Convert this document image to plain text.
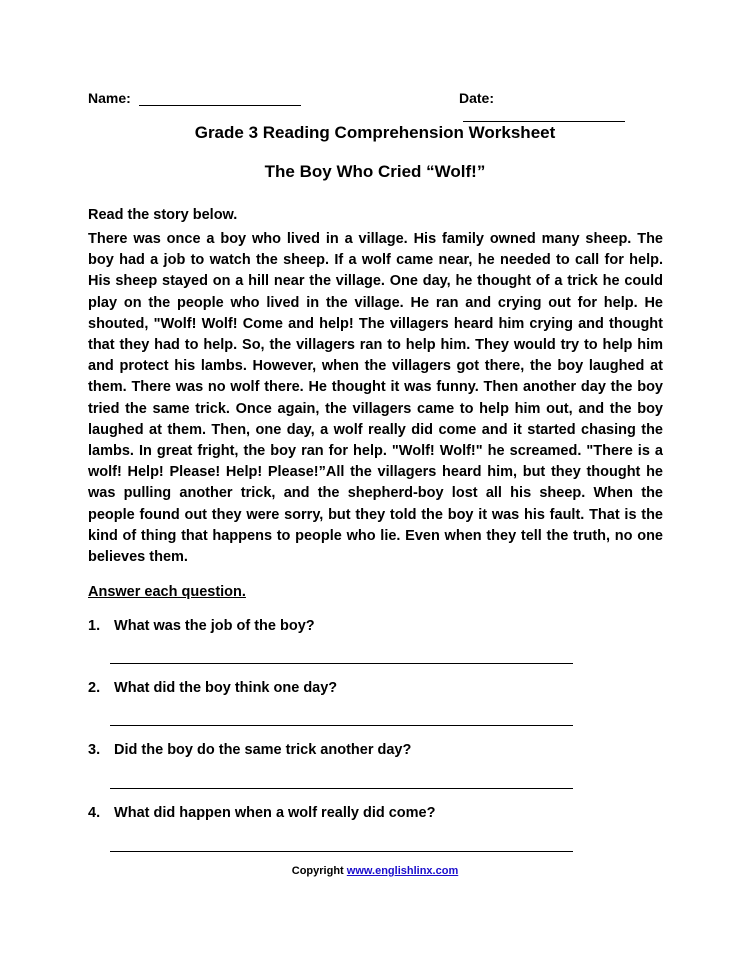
Name:	Date:
Grade 3 Reading Comprehension Worksheet
The Boy Who Cried “Wolf!”
Read the story below.
There was once a boy who lived in a village. His family owned many sheep. The boy had a job to watch the sheep. If a wolf came near, he needed to call for help. His sheep stayed on a hill near the village. One day, he thought of a trick he could play on the people who lived in the village. He ran and crying out for help. He shouted, "Wolf! Wolf! Come and help! The villagers heard him crying and thought that they had to help. So, the villagers ran to help him. They would try to help him and protect his lambs. However, when the villagers got there, the boy laughed at them. There was no wolf there. He thought it was funny. Then another day the boy tried the same trick. Once again, the villagers came to help him out, and the boy laughed at them. Then, one day, a wolf really did come and it started chasing the lambs. In great fright, the boy ran for help. "Wolf! Wolf!" he screamed. "There is a wolf! Help! Please! Help! Please!”All the villagers heard him, but they thought he was pulling another trick, and the shepherd-boy lost all his sheep. When the people found out they were sorry, but they told the boy it was his fault. That is the kind of thing that happens to people who lie. Even when they tell the truth, no one believes them.
Answer each question.
1. What was the job of the boy?
2. What did the boy think one day?
3. Did the boy do the same trick another day?
4. What did happen when a wolf really did come?
Copyright www.englishlinx.com
